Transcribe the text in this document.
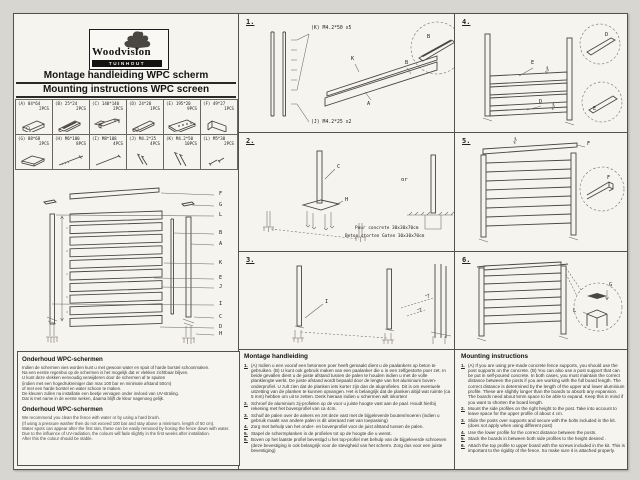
Woodvision
TUINHOUT
Montage handleiding WPC scherm
Mounting instructions WPC screen
(A) 84*64
2PCS
(B) 25*24
2PCS
(C) 140*140
2PCS
(D) 24*20
1PCS
(E) 195*20
9PCS
(F) 49*27
1PCS
(G) 88*68
2PCS
(H) M6*100
8PCS
(I) M8*108
4PCS
(J) M4.2*25
4PCS
(K) M4.2*50
10PCS
(L) M5*30
2PCS
F
G
L
B
A
K
E
J
I
C
D
H
Onderhoud WPC-schermen
Indien de schermen vies worden kunt u met gewoon water en spuit of harde borstel schoonmaken.
Na een eerste regenbui op de schermen is het mogelijk dat er vlekken zichtbaar blijven.
U kunt deze vlekken eenvoudig verwijderen door de schermen af te spuiten
(indien met een hogedrukreiniger dan max 100 bar en minimale afstand 50cm)
of met een harde borstel en water schoon te maken.
De kleuren zullen na installatie een beetje vervagen onder invloed van UV-straling.
Dat is met name in de eerste weken, daarna blijft de kleur nagenoeg gelijk.
Onderhoud WPC-schermen
We recommend you clean the fence with water or by using a hard brush.
(If using a pressure washer then do not exceed 100 bar and stay above a minimum. length of 50 cm).
Water spots can appear after the first rain, these can be easily removed by hosing the fence down with water.
Due to the influence of UV-radiation, the colours will fade slightly in the first weeks after installation.
After this the colour should be stable.
1.
(K) M4.2*50 x5
(J) M4.2*25 x2
K
B
A
B
2.
C
H
or
Pour concrete 30x30x70cm
Beton storten Gaten 30x30x70cm
3.
I
Montage handleiding
1. (A) Indien u een vooraf een betonnen poer heeft gemaakt dient u de paalankers op beton te gebruiken. (B) U kunt ook gebruik maken van een paalanker die u in een zelfgestorte poer zet. In beide gevallen dient u de juiste afstand tussen de palen te houden indien u met de volle planklengte werkt. De juiste afstand wordt bepaald door de lengte van het aluminium boven- onderprofiel. U zult zien dat de planken iets korter zijn dan de aluprofielen. Dit is om eventuele uitzetting van de planken te kunnen opvangen. Het is belangrijk dat de planken altijd wat ruimte (ca 5 mm) hebben om uit te zetten. Denk hieraan indien u schermen wilt inkorten!
2. Schroef de aluminium zij-profielen op de voor u juiste hoogte vast aan de paal. Houdt hierbij rekening met het bovenprofiel van ca 4cm.
3. Schuif de palen over de ankers en zet deze vast met de bijgeleverde bouten/moeren (indien u gebruik maakt van andere palen is dit uiteraard niet van toepassing)
4. Zorg met behulp van het onder- en bovenprofiel voor de juist afstand tussen de palen.
5. Stapel de schermplanken in de profielen tot op de hoogte die u wenst.
6. Boven op het laatste profiel bevestigd u het top-profiel met behulp van de bijgeleverde schroeven (deze bevestiging is ook belangrijk voor de stevigheid van het scherm. Zorg dus voor een juiste bevestiging)
4.
E
D
D
E
5.	F
F
6.
G
L
Mounting instructions
1. (A) If you are using pre-made concrete fence supports, you should use the post supports on the concrete. (B) You can also use a post support that can be put in self-poured concrete. In both cases, you must maintain the correct distance between the posts if you are working with the full board length. The correct distance is determined by the length of the upper and lower aluminium profile. These are slightly longer than the boards to absorb any expansion. The boards need about 5mm space to be able to expand. Keep this in mind if you want to shorten the board length.
2. Mount the side profiles on the right height to the post. Take into account to leave space for the upper profile of about 4 cm.
3. Slide the posts over supports and secure with the bolts included in the kit. (does not apply when using different post)
4. Use the lower profile for the correct distance between the posts.
5. Stack the boards in between both side profiles to the height desired .
6. Attach the top profile to upper board with the screws included in the kit. This is important to the rigidity of the fence. So make sure it is attached properly.
